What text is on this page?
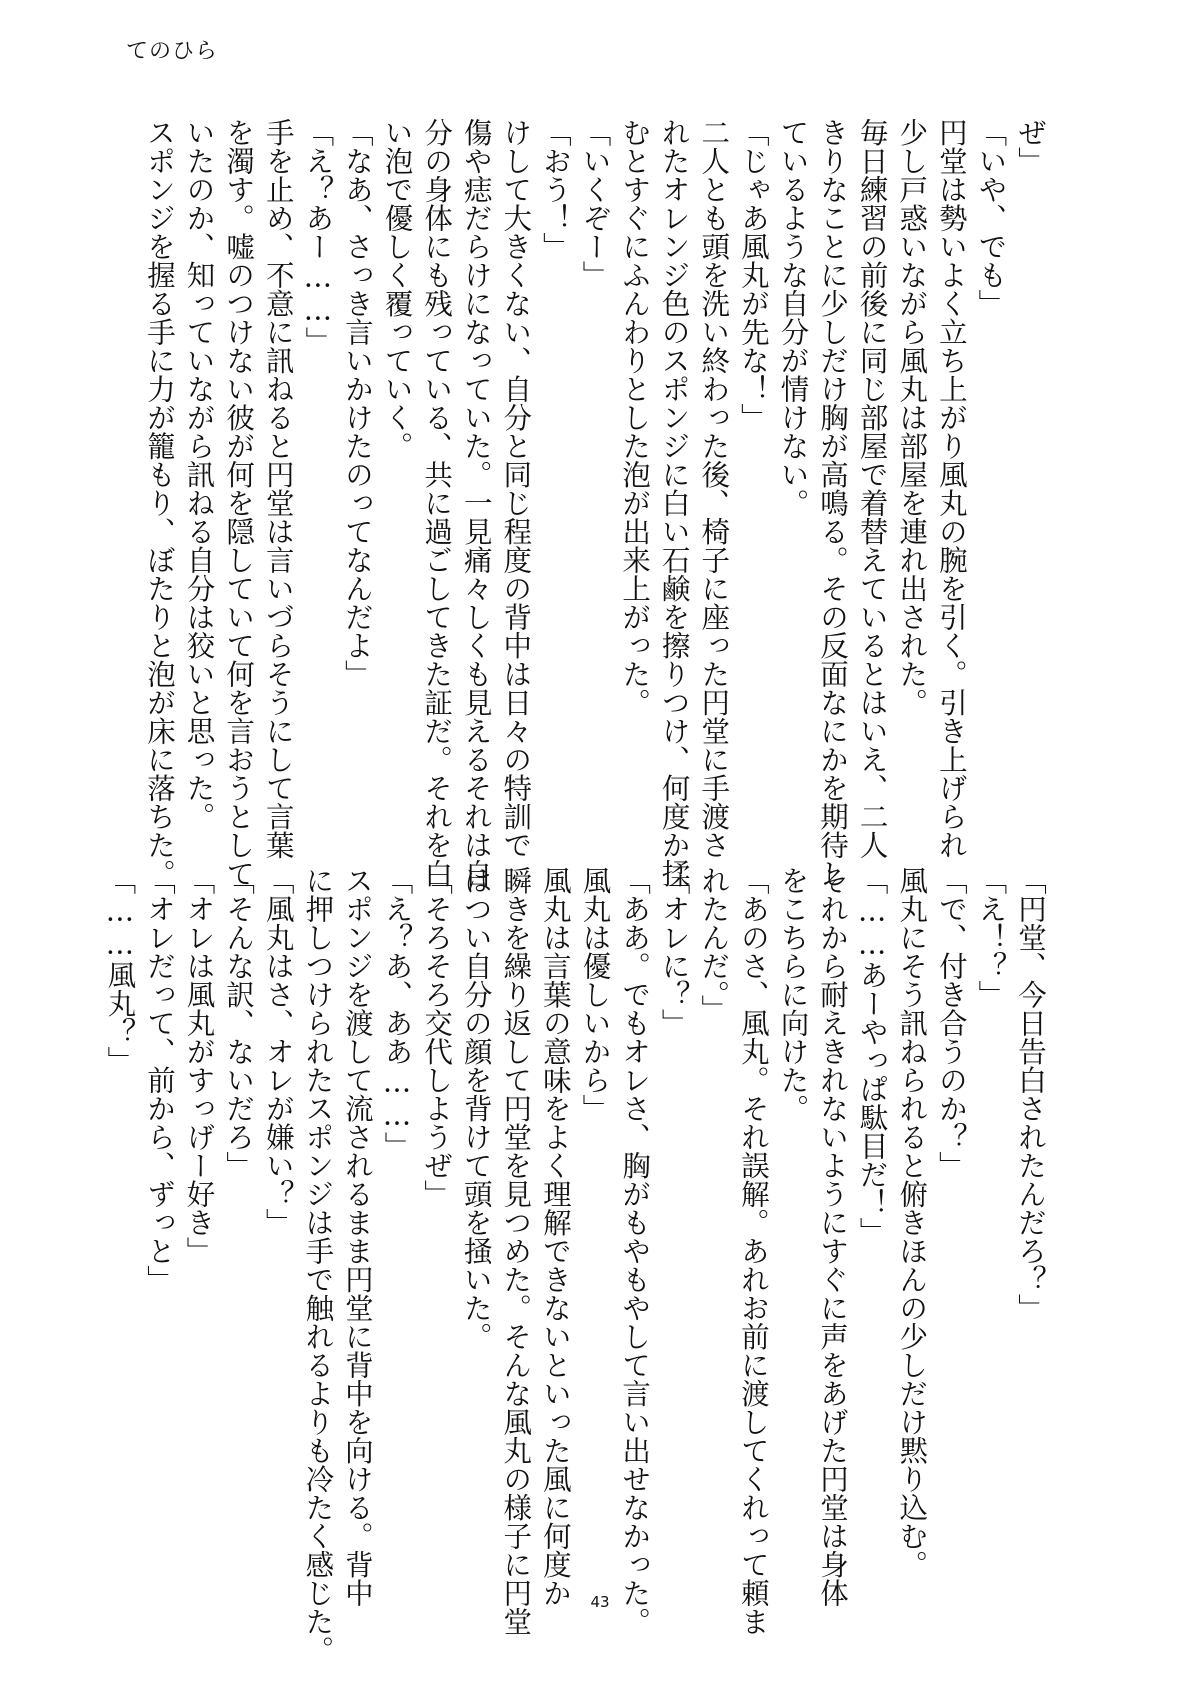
てのひら
ぜ」
「いや、でも」
円堂は勢いよく立ち上がり風丸の腕を引く。引き上げられ
少し戸惑いながら風丸は部屋を連れ出された。
毎日練習の前後に同じ部屋で着替えているとはいえ、二人
きりなことに少しだけ胸が高鳴る。その反面なにかを期待し
ているような自分が情けない。
「じゃあ風丸が先な！」
二人とも頭を洗い終わった後、椅子に座った円堂に手渡さ
れたオレンジ色のスポンジに白い石鹸を擦りつけ、何度か揉
むとすぐにふんわりとした泡が出来上がった。
「いくぞー」
「おう！」
けして大きくない、自分と同じ程度の背中は日々の特訓で
傷や痣だらけになっていた。一見痛々しくも見えるそれは自
分の身体にも残っている、共に過ごしてきた証だ。それを白
い泡で優しく覆っていく。
「なあ、さっき言いかけたのってなんだよ」
「え？あー……」
手を止め、不意に訊ねると円堂は言いづらそうにして言葉
を濁す。嘘のつけない彼が何を隠していて何を言おうとして
いたのか、知っていながら訊ねる自分は狡いと思った。
スポンジを握る手に力が籠もり、ぼたりと泡が床に落ちた。
「円堂、今日告白されたんだろ？」
「え！？」
「で、付き合うのか？」
風丸にそう訊ねられると俯きほんの少しだけ黙り込む。
「……あーやっぱ駄目だ！」
それから耐えきれないようにすぐに声をあげた円堂は身体
をこちらに向けた。
「あのさ、風丸。それ誤解。あれお前に渡してくれって頼ま
れたんだ。」
「オレに？」
「ああ。でもオレさ、胸がもやもやして言い出せなかった。
風丸は優しいから」
風丸は言葉の意味をよく理解できないといった風に何度か
瞬きを繰り返して円堂を見つめた。そんな風丸の様子に円堂
はつい自分の顔を背けて頭を掻いた。
「そろそろ交代しようぜ」
「え？あ、ああ……」
スポンジを渡して流されるまま円堂に背中を向ける。背中
に押しつけられたスポンジは手で触れるよりも冷たく感じた。
「風丸はさ、オレが嫌い？」
「そんな訳、ないだろ」
「オレは風丸がすっげー好き」
「オレだって、前から、ずっと」
「……風丸？」
43
